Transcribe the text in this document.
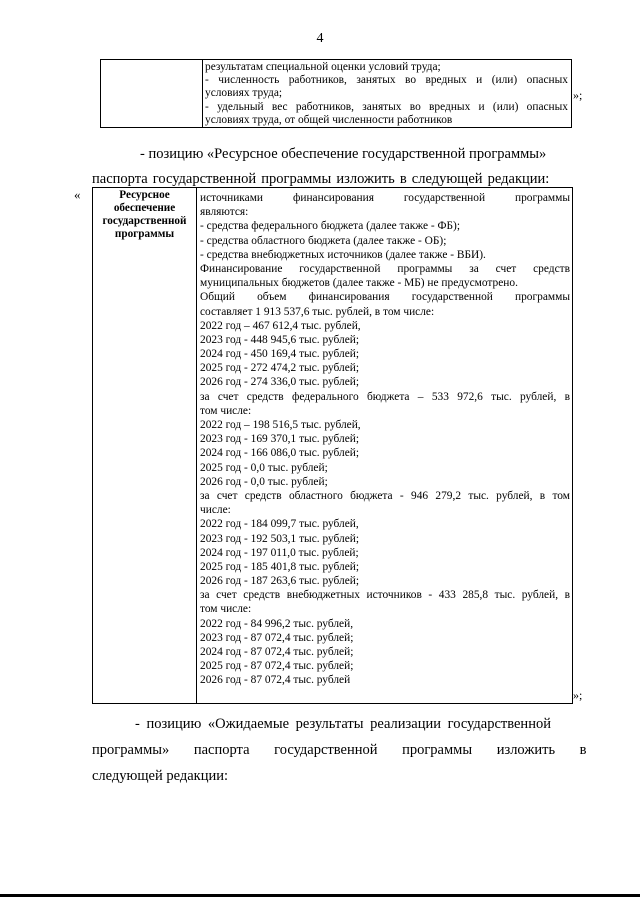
4
результатам специальной оценки условий труда;
- численность работников, занятых во вредных и (или) опасных
условиях труда;
- удельный вес работников, занятых во вредных и (или) опасных
условиях труда, от общей численности работников
»;
- позицию «Ресурсное обеспечение государственной программы»
паспорта государственной программы изложить в следующей редакции:
«	Ресурсное
обеспечение
государственной
программы
источниками финансирования государственной программы
являются:
- средства федерального бюджета (далее также - ФБ);
- средства областного бюджета (далее также - ОБ);
- средства внебюджетных источников (далее также - ВБИ).
Финансирование государственной программы за счет средств
муниципальных бюджетов (далее также - МБ) не предусмотрено.
Общий объем финансирования государственной программы
составляет 1 913 537,6 тыс. рублей, в том числе:
2022 год – 467 612,4 тыс. рублей,
2023 год - 448 945,6 тыс. рублей;
2024 год - 450 169,4 тыс. рублей;
2025 год - 272 474,2 тыс. рублей;
2026 год - 274 336,0 тыс. рублей;
за счет средств федерального бюджета – 533 972,6 тыс. рублей, в
том числе:
2022 год – 198 516,5 тыс. рублей,
2023 год - 169 370,1 тыс. рублей;
2024 год - 166 086,0 тыс. рублей;
2025 год - 0,0 тыс. рублей;
2026 год - 0,0 тыс. рублей;
за счет средств областного бюджета - 946 279,2 тыс. рублей, в том
числе:
2022 год - 184 099,7 тыс. рублей,
2023 год - 192 503,1 тыс. рублей;
2024 год - 197 011,0 тыс. рублей;
2025 год - 185 401,8 тыс. рублей;
2026 год - 187 263,6 тыс. рублей;
за счет средств внебюджетных источников - 433 285,8 тыс. рублей, в
том числе:
2022 год - 84 996,2 тыс. рублей,
2023 год - 87 072,4 тыс. рублей;
2024 год - 87 072,4 тыс. рублей;
2025 год - 87 072,4 тыс. рублей;
2026 год - 87 072,4 тыс. рублей
»;
- позицию «Ожидаемые результаты реализации государственной
программы» паспорта государственной программы изложить в
следующей редакции:
